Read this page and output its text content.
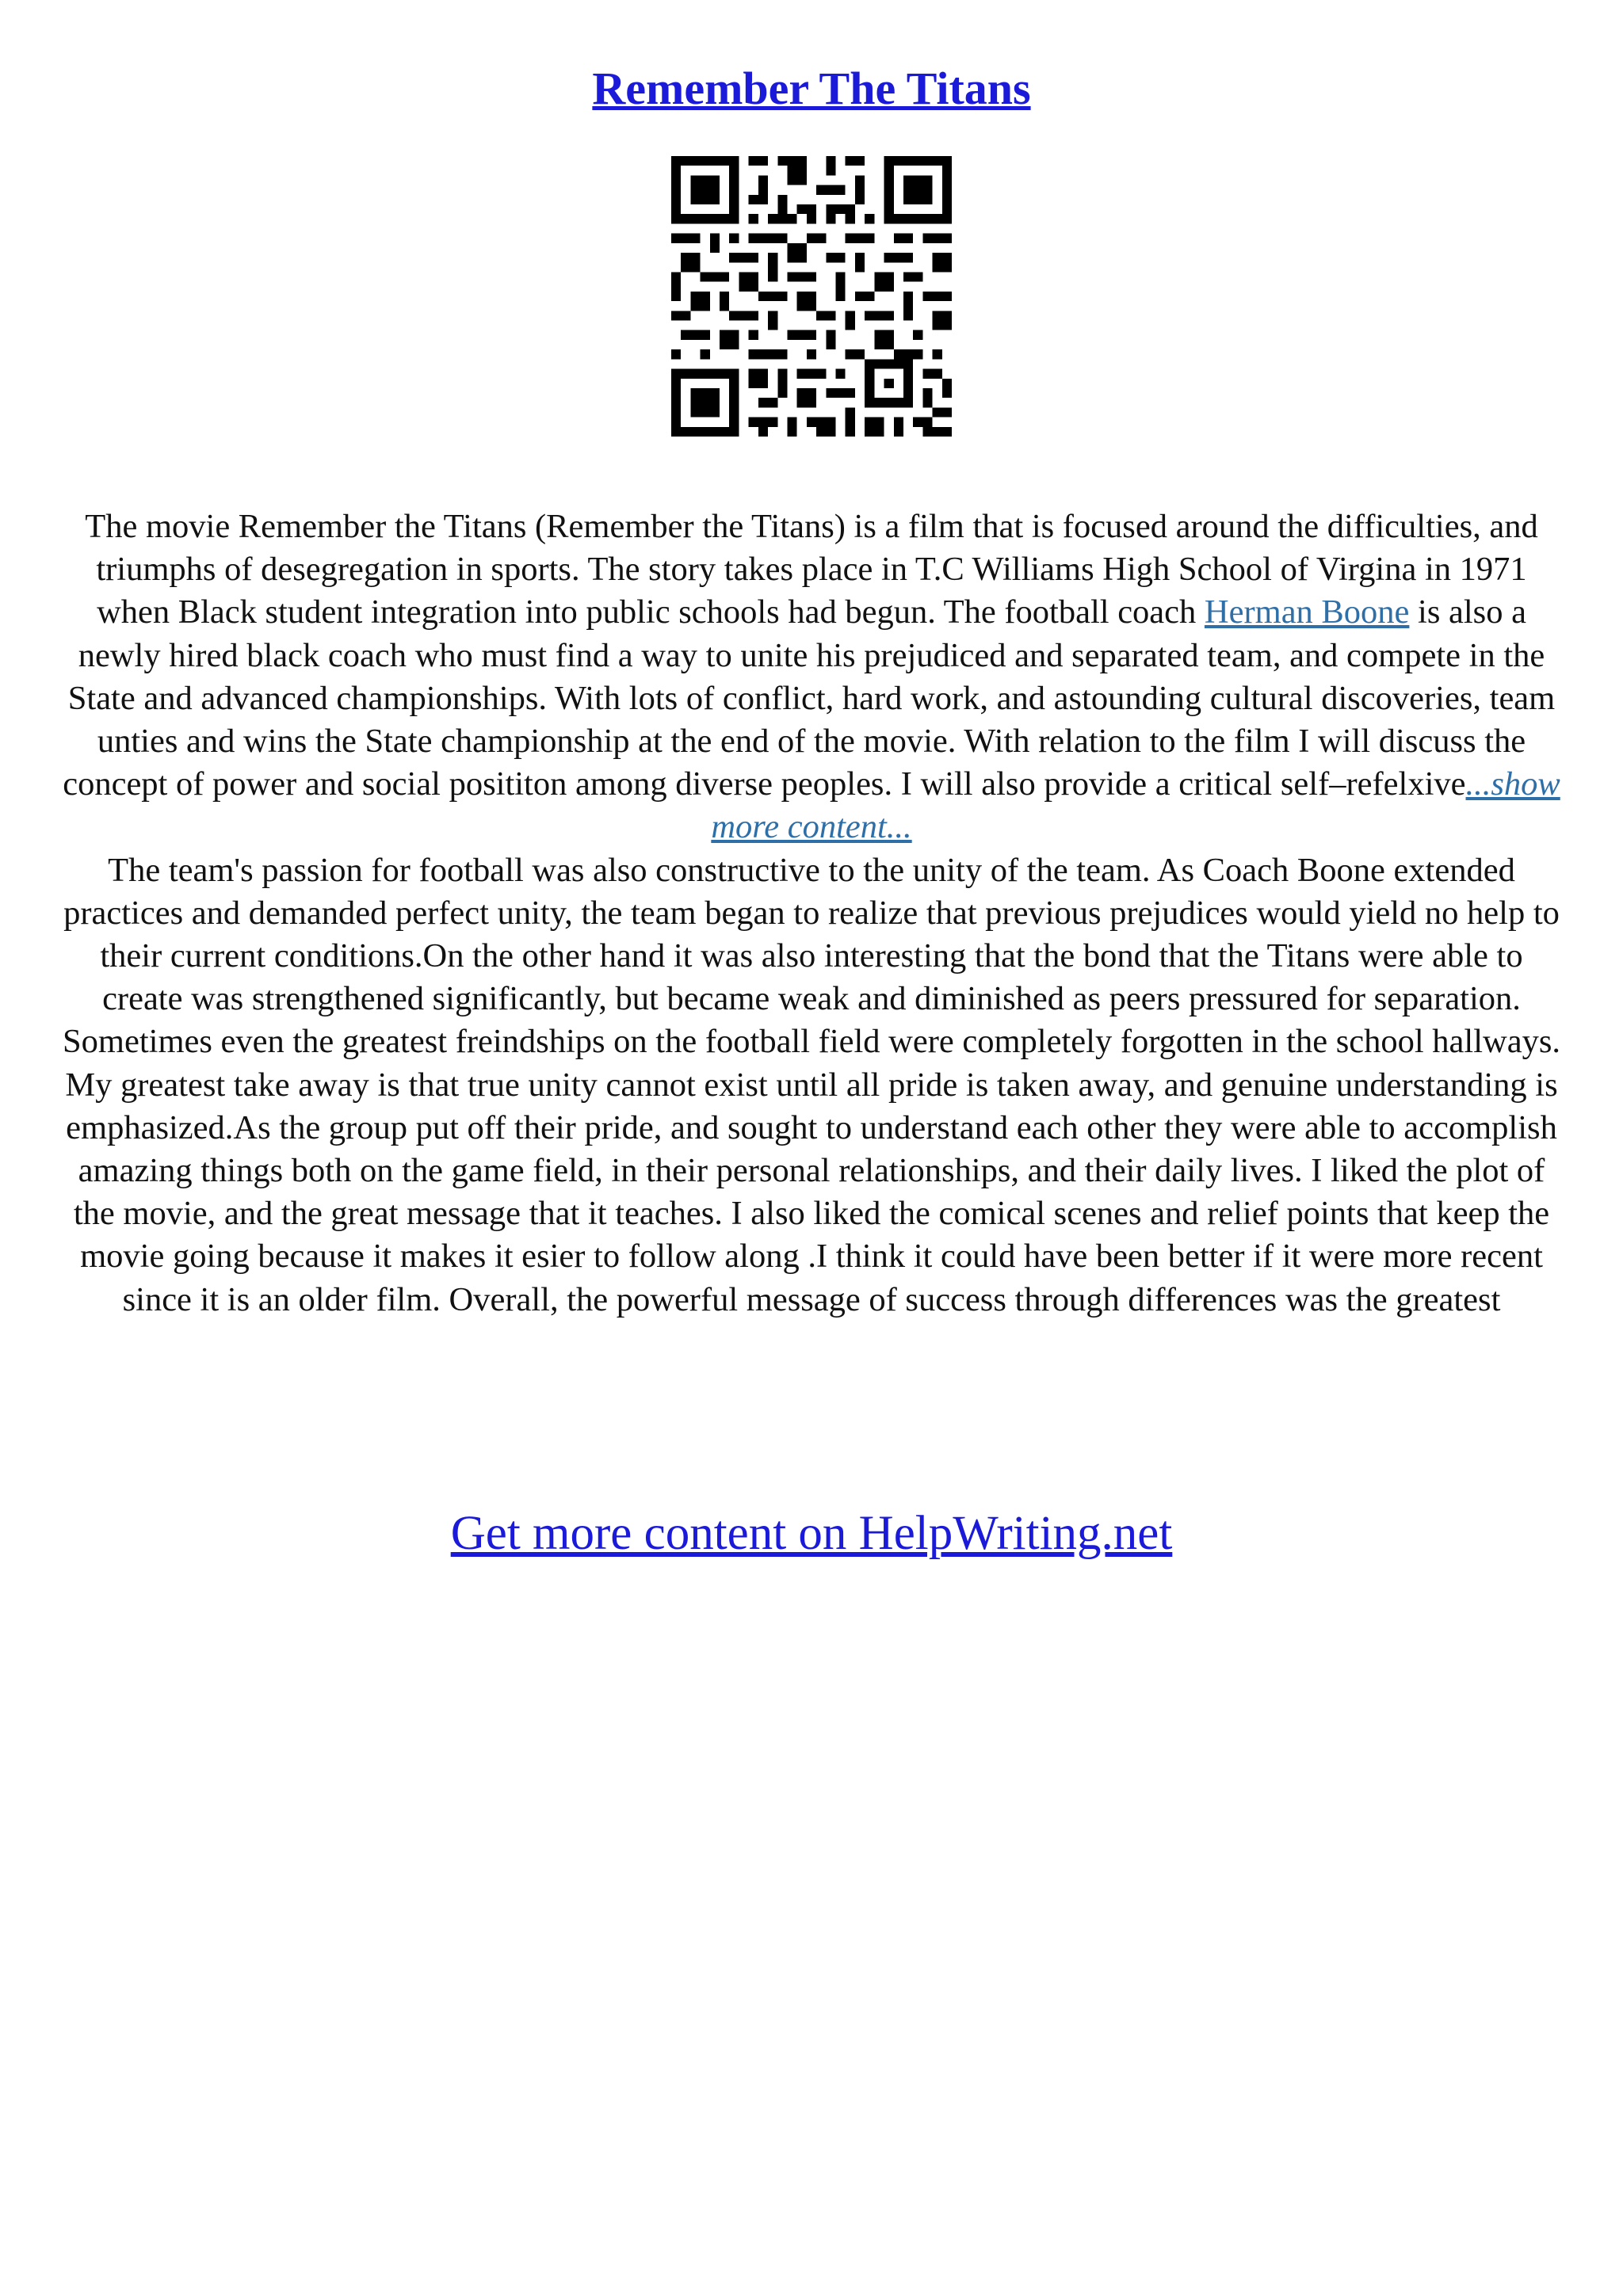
Remember The Titans

The movie Remember the Titans (Remember the Titans) is a film that is focused around the difficulties, and triumphs of desegregation in sports. The story takes place in T.C Williams High School of Virgina in 1971 when Black student integration into public schools had begun. The football coach Herman Boone is also a newly hired black coach who must find a way to unite his prejudiced and separated team, and compete in the State and advanced championships. With lots of conflict, hard work, and astounding cultural discoveries, team unties and wins the State championship at the end of the movie. With relation to the film I will discuss the concept of power and social posititon among diverse peoples. I will also provide a critical self–refelxive...show more content...

The team's passion for football was also constructive to the unity of the team. As Coach Boone extended practices and demanded perfect unity, the team began to realize that previous prejudices would yield no help to their current conditions.On the other hand it was also interesting that the bond that the Titans were able to create was strengthened significantly, but became weak and diminished as peers pressured for separation. Sometimes even the greatest freindships on the football field were completely forgotten in the school hallways. My greatest take away is that true unity cannot exist until all pride is taken away, and genuine understanding is emphasized.As the group put off their pride, and sought to understand each other they were able to accomplish amazing things both on the game field, in their personal relationships, and their daily lives. I liked the plot of the movie, and the great message that it teaches. I also liked the comical scenes and relief points that keep the movie going because it makes it esier to follow along .I think it could have been better if it were more recent since it is an older film. Overall, the powerful message of success through differences was the greatest

Get more content on HelpWriting.net
